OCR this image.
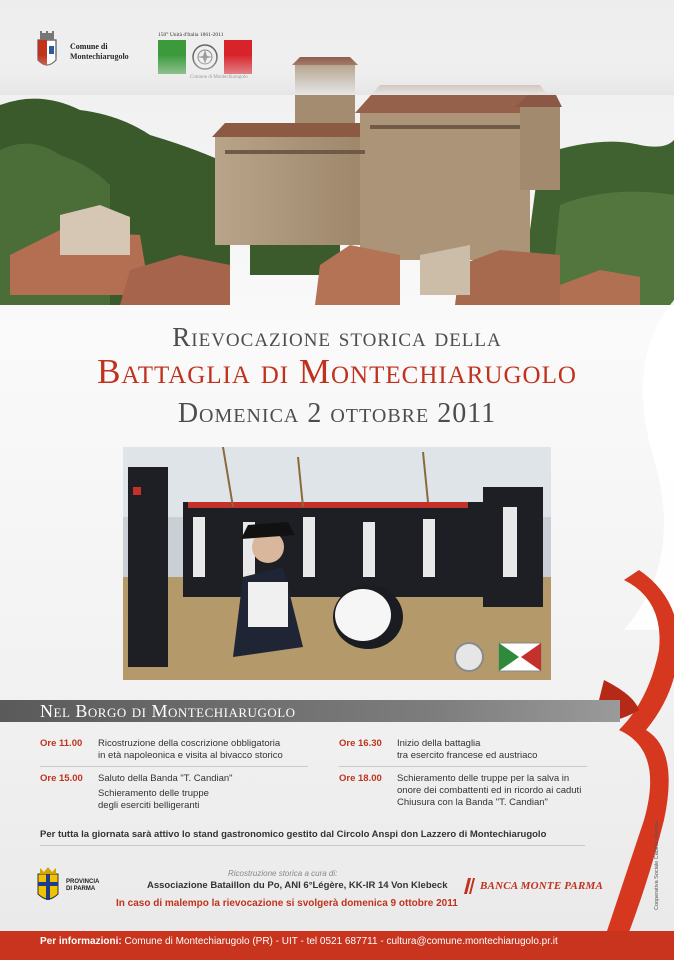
Comune di
150° Unità d'Italia 1861-2011
Rievocazione storica della
Battaglia di Montechiarugolo
Domenica 2 ottobre 2011
Nel Borgo di Montechiarugolo
Ore 11.00 Ricostruzione della coscrizione obbligatoria
in età napoleonica e visita al bivacco storico
Ore 15.00 Saluto della Banda "T. Candian"
Schieramento delle truppe
degli eserciti belligeranti
Ore 16.30 Inizio della battaglia
tra esercito francese ed austriaco
Ore 18.00 Schieramento delle truppe per la salva in
onore dei combattenti ed in ricordo ai caduti
Chiusura con la Banda "T. Candian"
Per tutta la giornata sarà attivo lo stand gastronomico gestito dal Circolo Anspi don Lazzero di Montechiarugolo
PROVINCIA
DI PARMA
Ricostruzione storica a cura di:
Associazione Bataillon du Po, ANI 6°Légère, KK-IR 14 Von Klebeck
In caso di malempo la rievocazione si svolgerà domenica 9 ottobre 2011
BANCA MONTE PARMA	Cooperativa Sociale Cabiria -Parma-
Per informazioni: Comune di Montechiarugolo (PR) - UIT - tel 0521 687711 - cultura@comune.montechiarugolo.pr.it
